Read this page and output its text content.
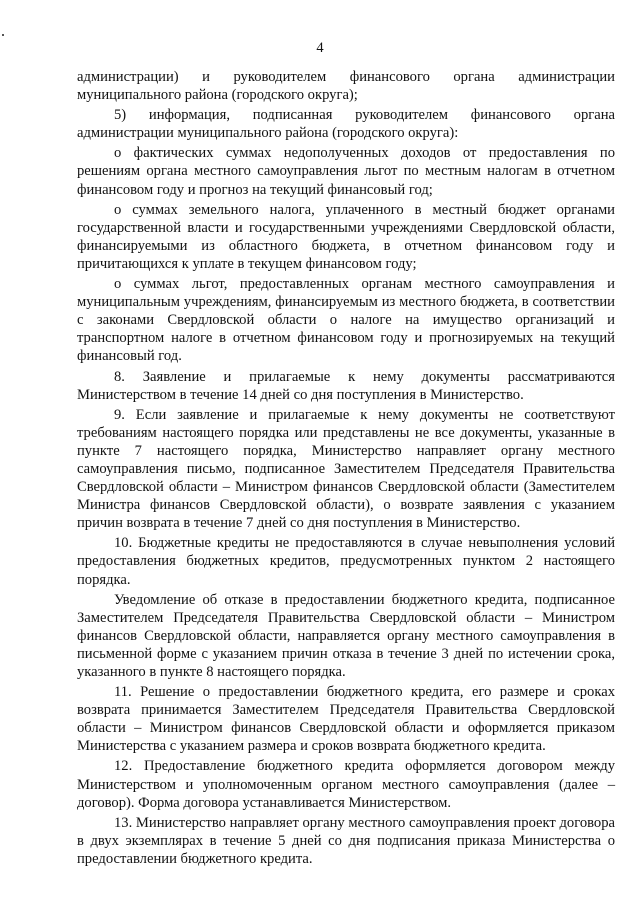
4

администрации) и руководителем финансового органа администрации муниципального района (городского округа);

5) информация, подписанная руководителем финансового органа администрации муниципального района (городского округа):

о фактических суммах недополученных доходов от предоставления по решениям органа местного самоуправления льгот по местным налогам в отчетном финансовом году и прогноз на текущий финансовый год;

о суммах земельного налога, уплаченного в местный бюджет органами государственной власти и государственными учреждениями Свердловской области, финансируемыми из областного бюджета, в отчетном финансовом году и причитающихся к уплате в текущем финансовом году;

о суммах льгот, предоставленных органам местного самоуправления и муниципальным учреждениям, финансируемым из местного бюджета, в соответствии с законами Свердловской области о налоге на имущество организаций и транспортном налоге в отчетном финансовом году и прогнозируемых на текущий финансовый год.

8. Заявление и прилагаемые к нему документы рассматриваются Министерством в течение 14 дней со дня поступления в Министерство.

9. Если заявление и прилагаемые к нему документы не соответствуют требованиям настоящего порядка или представлены не все документы, указанные в пункте 7 настоящего порядка, Министерство направляет органу местного самоуправления письмо, подписанное Заместителем Председателя Правительства Свердловской области – Министром финансов Свердловской области (Заместителем Министра финансов Свердловской области), о возврате заявления с указанием причин возврата в течение 7 дней со дня поступления в Министерство.

10. Бюджетные кредиты не предоставляются в случае невыполнения условий предоставления бюджетных кредитов, предусмотренных пунктом 2 настоящего порядка.

Уведомление об отказе в предоставлении бюджетного кредита, подписанное Заместителем Председателя Правительства Свердловской области – Министром финансов Свердловской области, направляется органу местного самоуправления в письменной форме с указанием причин отказа в течение 3 дней по истечении срока, указанного в пункте 8 настоящего порядка.

11. Решение о предоставлении бюджетного кредита, его размере и сроках возврата принимается Заместителем Председателя Правительства Свердловской области – Министром финансов Свердловской области и оформляется приказом Министерства с указанием размера и сроков возврата бюджетного кредита.

12. Предоставление бюджетного кредита оформляется договором между Министерством и уполномоченным органом местного самоуправления (далее – договор). Форма договора устанавливается Министерством.

13. Министерство направляет органу местного самоуправления проект договора в двух экземплярах в течение 5 дней со дня подписания приказа Министерства о предоставлении бюджетного кредита.
